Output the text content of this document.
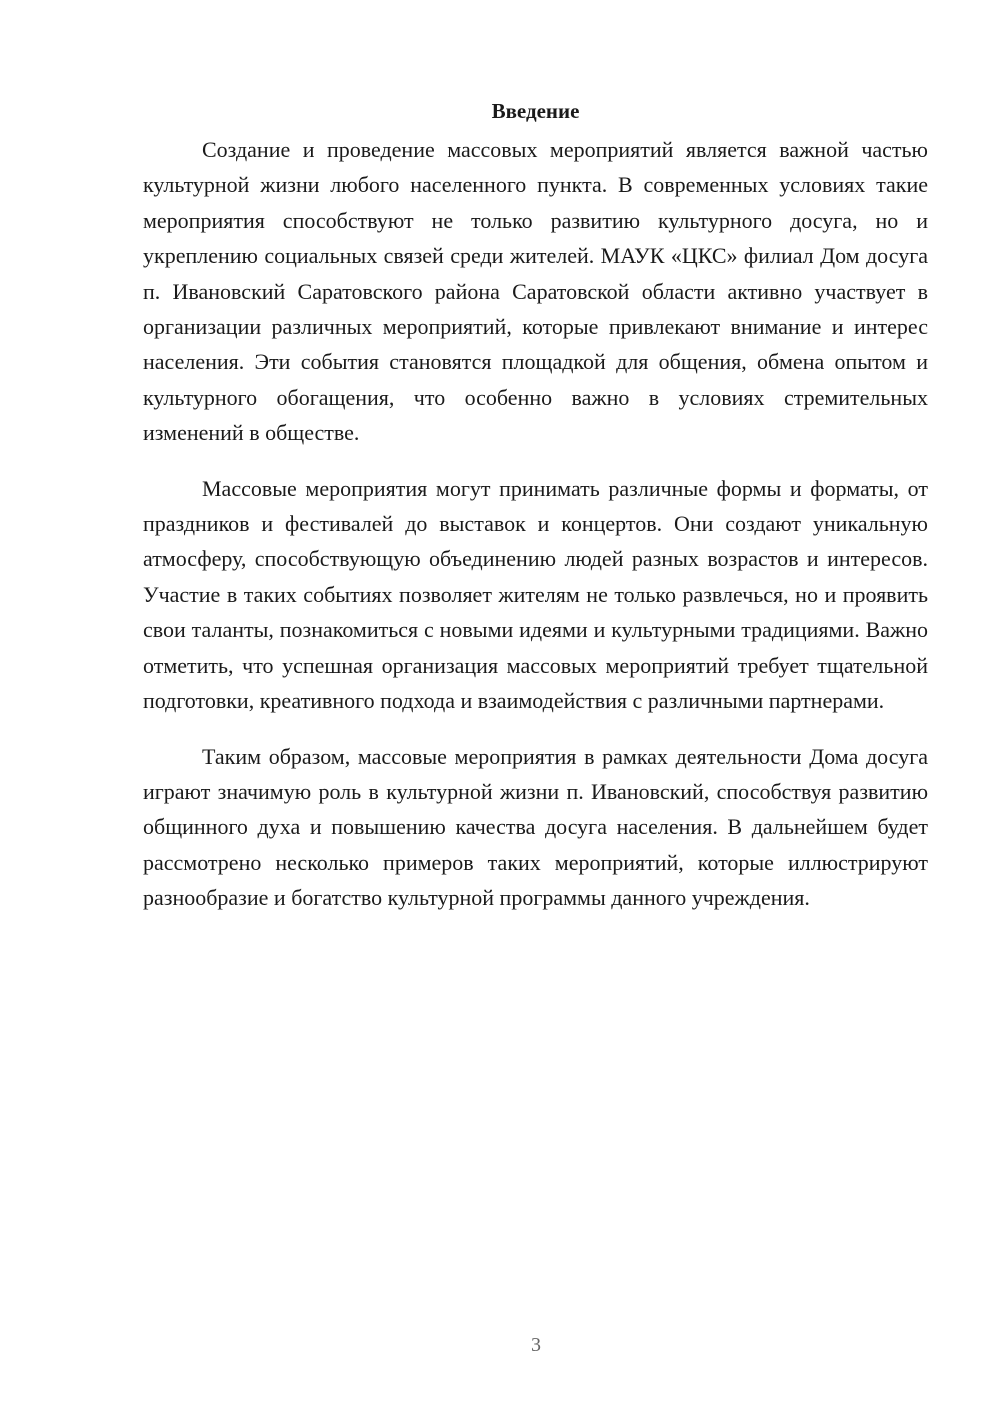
Введение

Создание и проведение массовых мероприятий является важной частью культурной жизни любого населенного пункта. В современных условиях такие мероприятия способствуют не только развитию культурного досуга, но и укреплению социальных связей среди жителей. МАУК «ЦКС» филиал Дом досуга п. Ивановский Саратовского района Саратовской области активно участвует в организации различных мероприятий, которые привлекают внимание и интерес населения. Эти события становятся площадкой для общения, обмена опытом и культурного обогащения, что особенно важно в условиях стремительных изменений в обществе.

Массовые мероприятия могут принимать различные формы и форматы, от праздников и фестивалей до выставок и концертов. Они создают уникальную атмосферу, способствующую объединению людей разных возрастов и интересов. Участие в таких событиях позволяет жителям не только развлечься, но и проявить свои таланты, познакомиться с новыми идеями и культурными традициями. Важно отметить, что успешная организация массовых мероприятий требует тщательной подготовки, креативного подхода и взаимодействия с различными партнерами.

Таким образом, массовые мероприятия в рамках деятельности Дома досуга играют значимую роль в культурной жизни п. Ивановский, способствуя развитию общинного духа и повышению качества досуга населения. В дальнейшем будет рассмотрено несколько примеров таких мероприятий, которые иллюстрируют разнообразие и богатство культурной программы данного учреждения.

3
